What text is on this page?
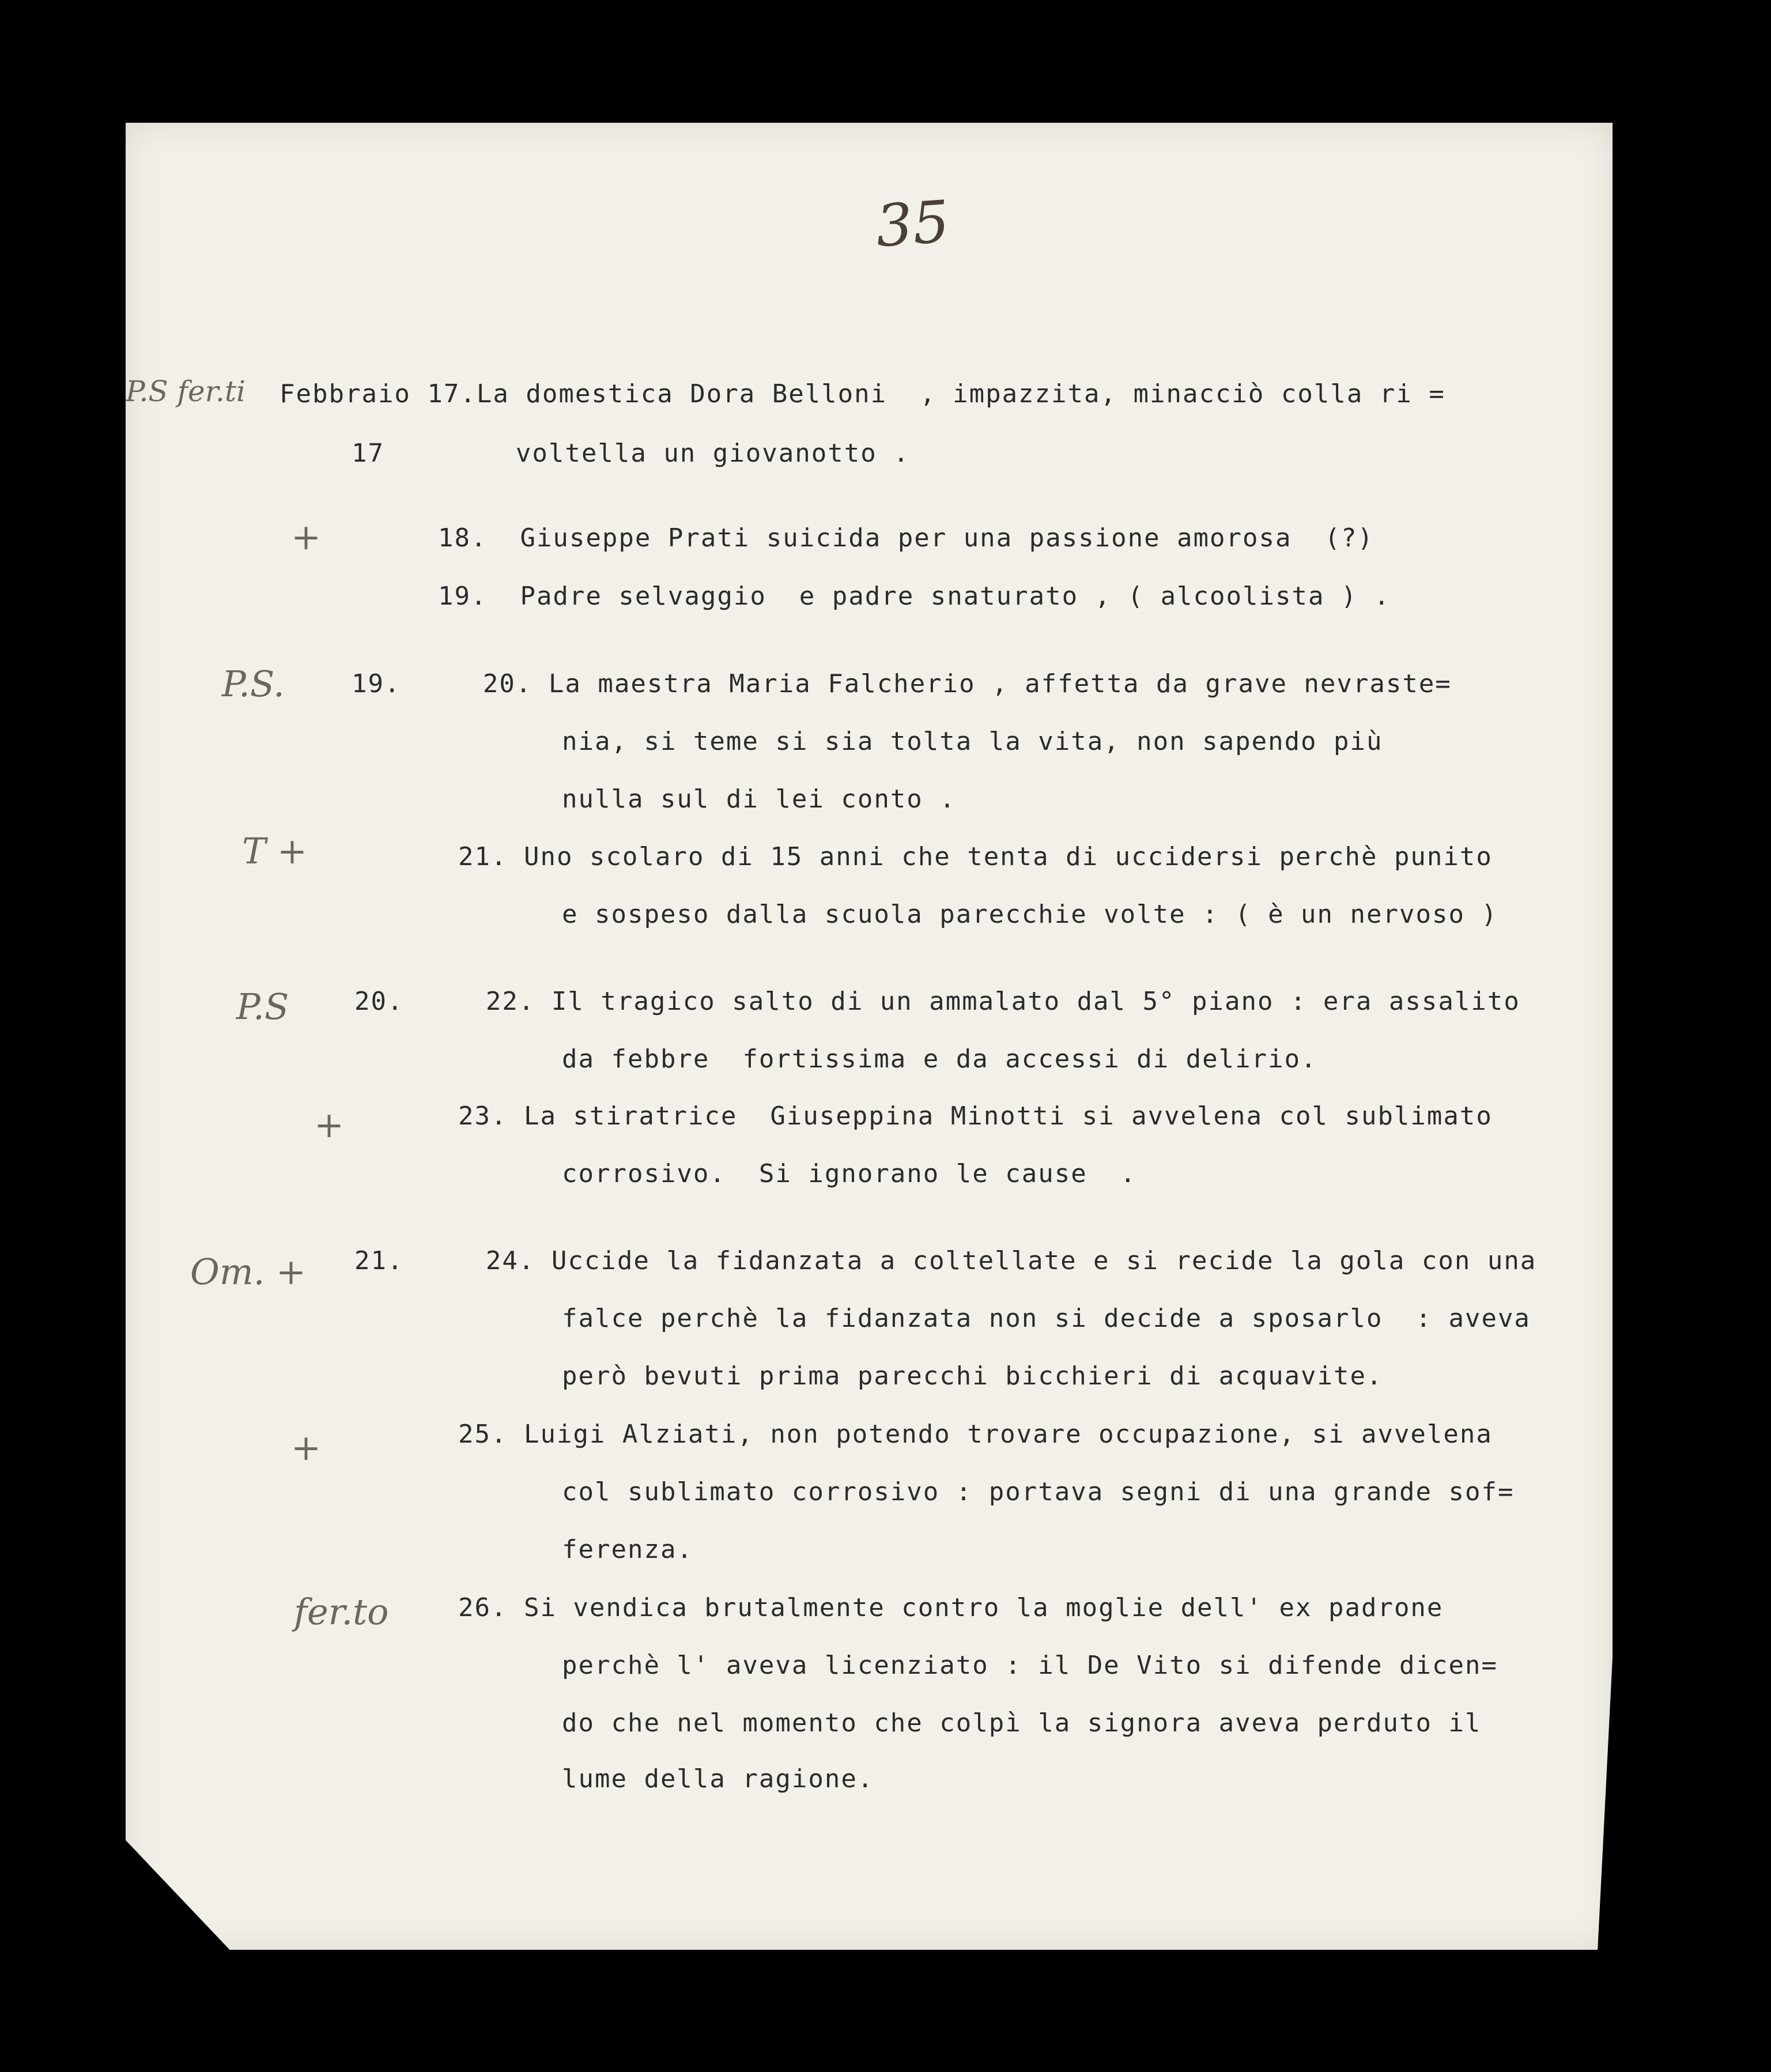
35
P.S fer.ti
+
P.S.
T +
P.S
+
Om. +
+
fer.to
Febbraio 17.La domestica Dora Belloni  , impazzita, minacciò colla ri =
17        voltella un giovanotto .
18.  Giuseppe Prati suicida per una passione amorosa  (?)
19.  Padre selvaggio  e padre snaturato , ( alcoolista ) .
19.     20. La maestra Maria Falcherio , affetta da grave nevraste=
nia, si teme si sia tolta la vita, non sapendo più
nulla sul di lei conto .
21. Uno scolaro di 15 anni che tenta di uccidersi perchè punito
e sospeso dalla scuola parecchie volte : ( è un nervoso )
20.     22. Il tragico salto di un ammalato dal 5° piano : era assalito
da febbre  fortissima e da accessi di delirio.
23. La stiratrice  Giuseppina Minotti si avvelena col sublimato
corrosivo.  Si ignorano le cause  .
21.     24. Uccide la fidanzata a coltellate e si recide la gola con una
falce perchè la fidanzata non si decide a sposarlo  : aveva
però bevuti prima parecchi bicchieri di acquavite.
25. Luigi Alziati, non potendo trovare occupazione, si avvelena
col sublimato corrosivo : portava segni di una grande sof=
ferenza.
26. Si vendica brutalmente contro la moglie dell' ex padrone
perchè l' aveva licenziato : il De Vito si difende dicen=
do che nel momento che colpì la signora aveva perduto il
lume della ragione.
